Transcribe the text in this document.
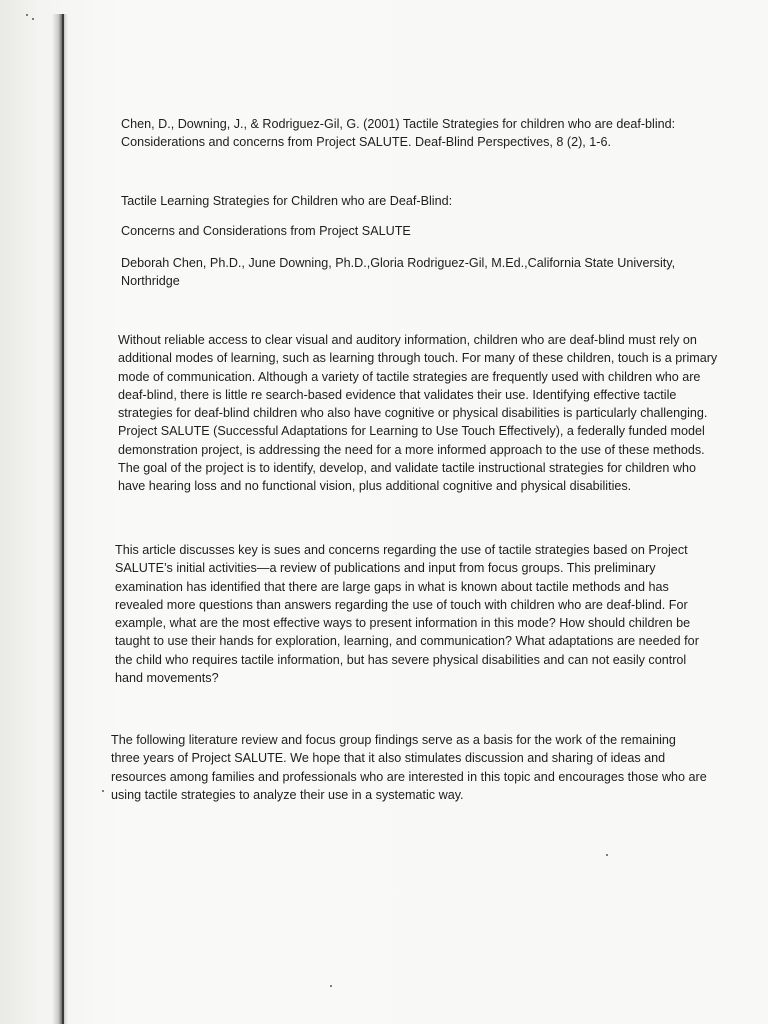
Chen, D., Downing, J., & Rodriguez-Gil, G. (2001) Tactile Strategies for children who are deaf-blind:

Considerations and concerns from Project SALUTE. Deaf-Blind Perspectives, 8 (2), 1-6.

Tactile Learning Strategies for Children who are Deaf-Blind:

Concerns and Considerations from Project SALUTE

Deborah Chen, Ph.D., June Downing, Ph.D.,Gloria Rodriguez-Gil, M.Ed.,California State University,

Northridge

Without reliable access to clear visual and auditory information, children who are deaf-blind must rely on

additional modes of learning, such as learning through touch. For many of these children, touch is a primary

mode of communication. Although a variety of tactile strategies are frequently used with children who are

deaf-blind, there is little re search-based evidence that validates their use. Identifying effective tactile

strategies for deaf-blind children who also have cognitive or physical disabilities is particularly challenging.

Project SALUTE (Successful Adaptations for Learning to Use Touch Effectively), a federally funded model

demonstration project, is addressing the need for a more informed approach to the use of these methods.

The goal of the project is to identify, develop, and validate tactile instructional strategies for children who

have hearing loss and no functional vision, plus additional cognitive and physical disabilities.

This article discusses key is sues and concerns regarding the use of tactile strategies based on Project

SALUTE’s initial activities—a review of publications and input from focus groups. This preliminary

examination has identified that there are large gaps in what is known about tactile methods and has

revealed more questions than answers regarding the use of touch with children who are deaf-blind. For

example, what are the most effective ways to present information in this mode? How should children be

taught to use their hands for exploration, learning, and communication? What adaptations are needed for

the child who requires tactile information, but has severe physical disabilities and can not easily control

hand movements?

The following literature review and focus group findings serve as a basis for the work of the remaining

three years of Project SALUTE. We hope that it also stimulates discussion and sharing of ideas and

resources among families and professionals who are interested in this topic and encourages those who are

using tactile strategies to analyze their use in a systematic way.
